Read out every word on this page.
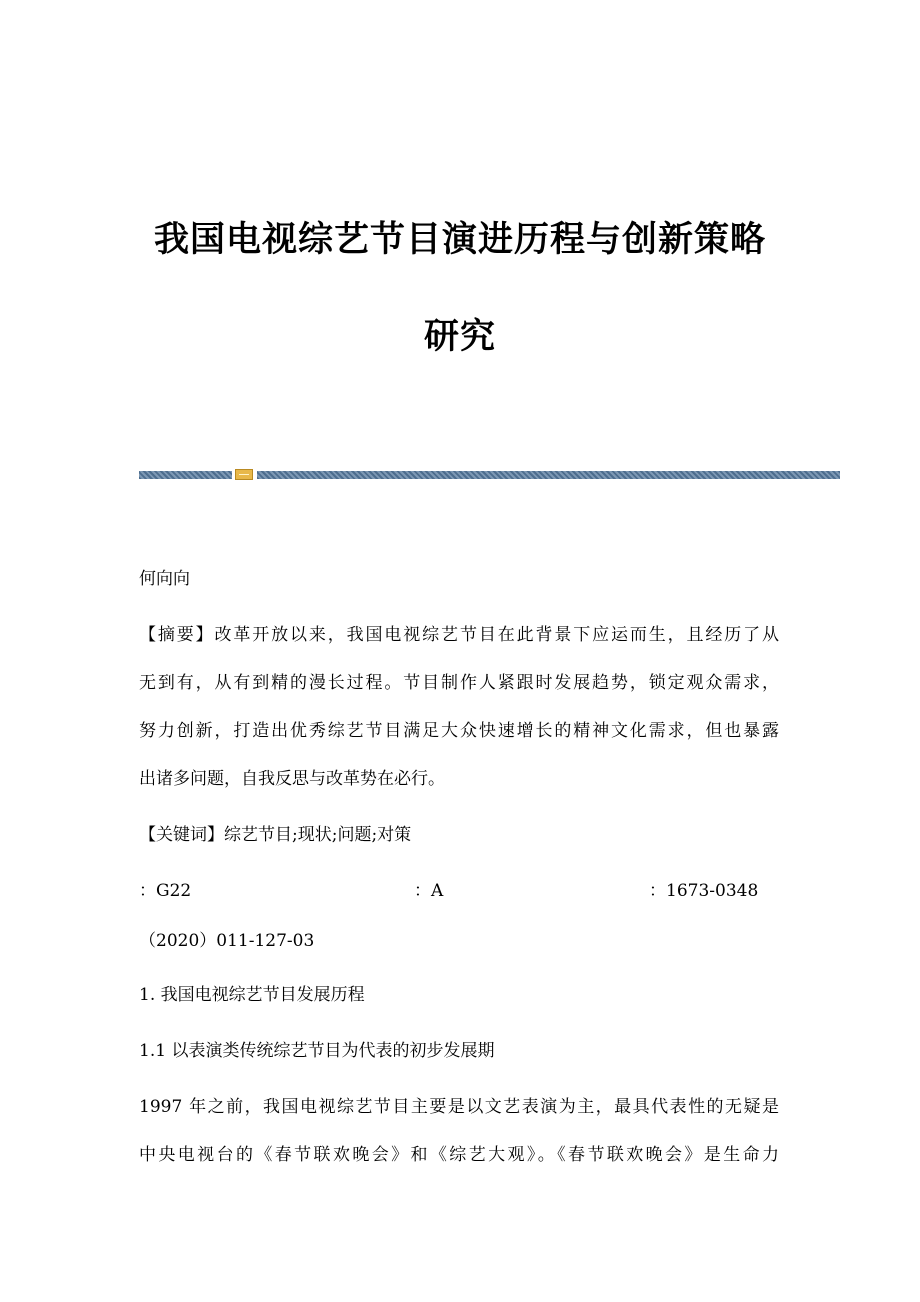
我国电视综艺节目演进历程与创新策略
研究
何向向
【摘要】改革开放以来，我国电视综艺节目在此背景下应运而生，且经历了从
无到有，从有到精的漫长过程。节目制作人紧跟时发展趋势，锁定观众需求，
努力创新，打造出优秀综艺节目满足大众快速增长的精神文化需求，但也暴露
出诸多问题，自我反思与改革势在必行。
【关键词】综艺节目;现状;问题;对策
：G22	：A	：1673-0348
（2020）011-127-03
1. 我国电视综艺节目发展历程
1.1 以表演类传统综艺节目为代表的初步发展期
1997 年之前，我国电视综艺节目主要是以文艺表演为主，最具代表性的无疑是
中央电视台的《春节联欢晚会》和《综艺大观》。《春节联欢晚会》是生命力
